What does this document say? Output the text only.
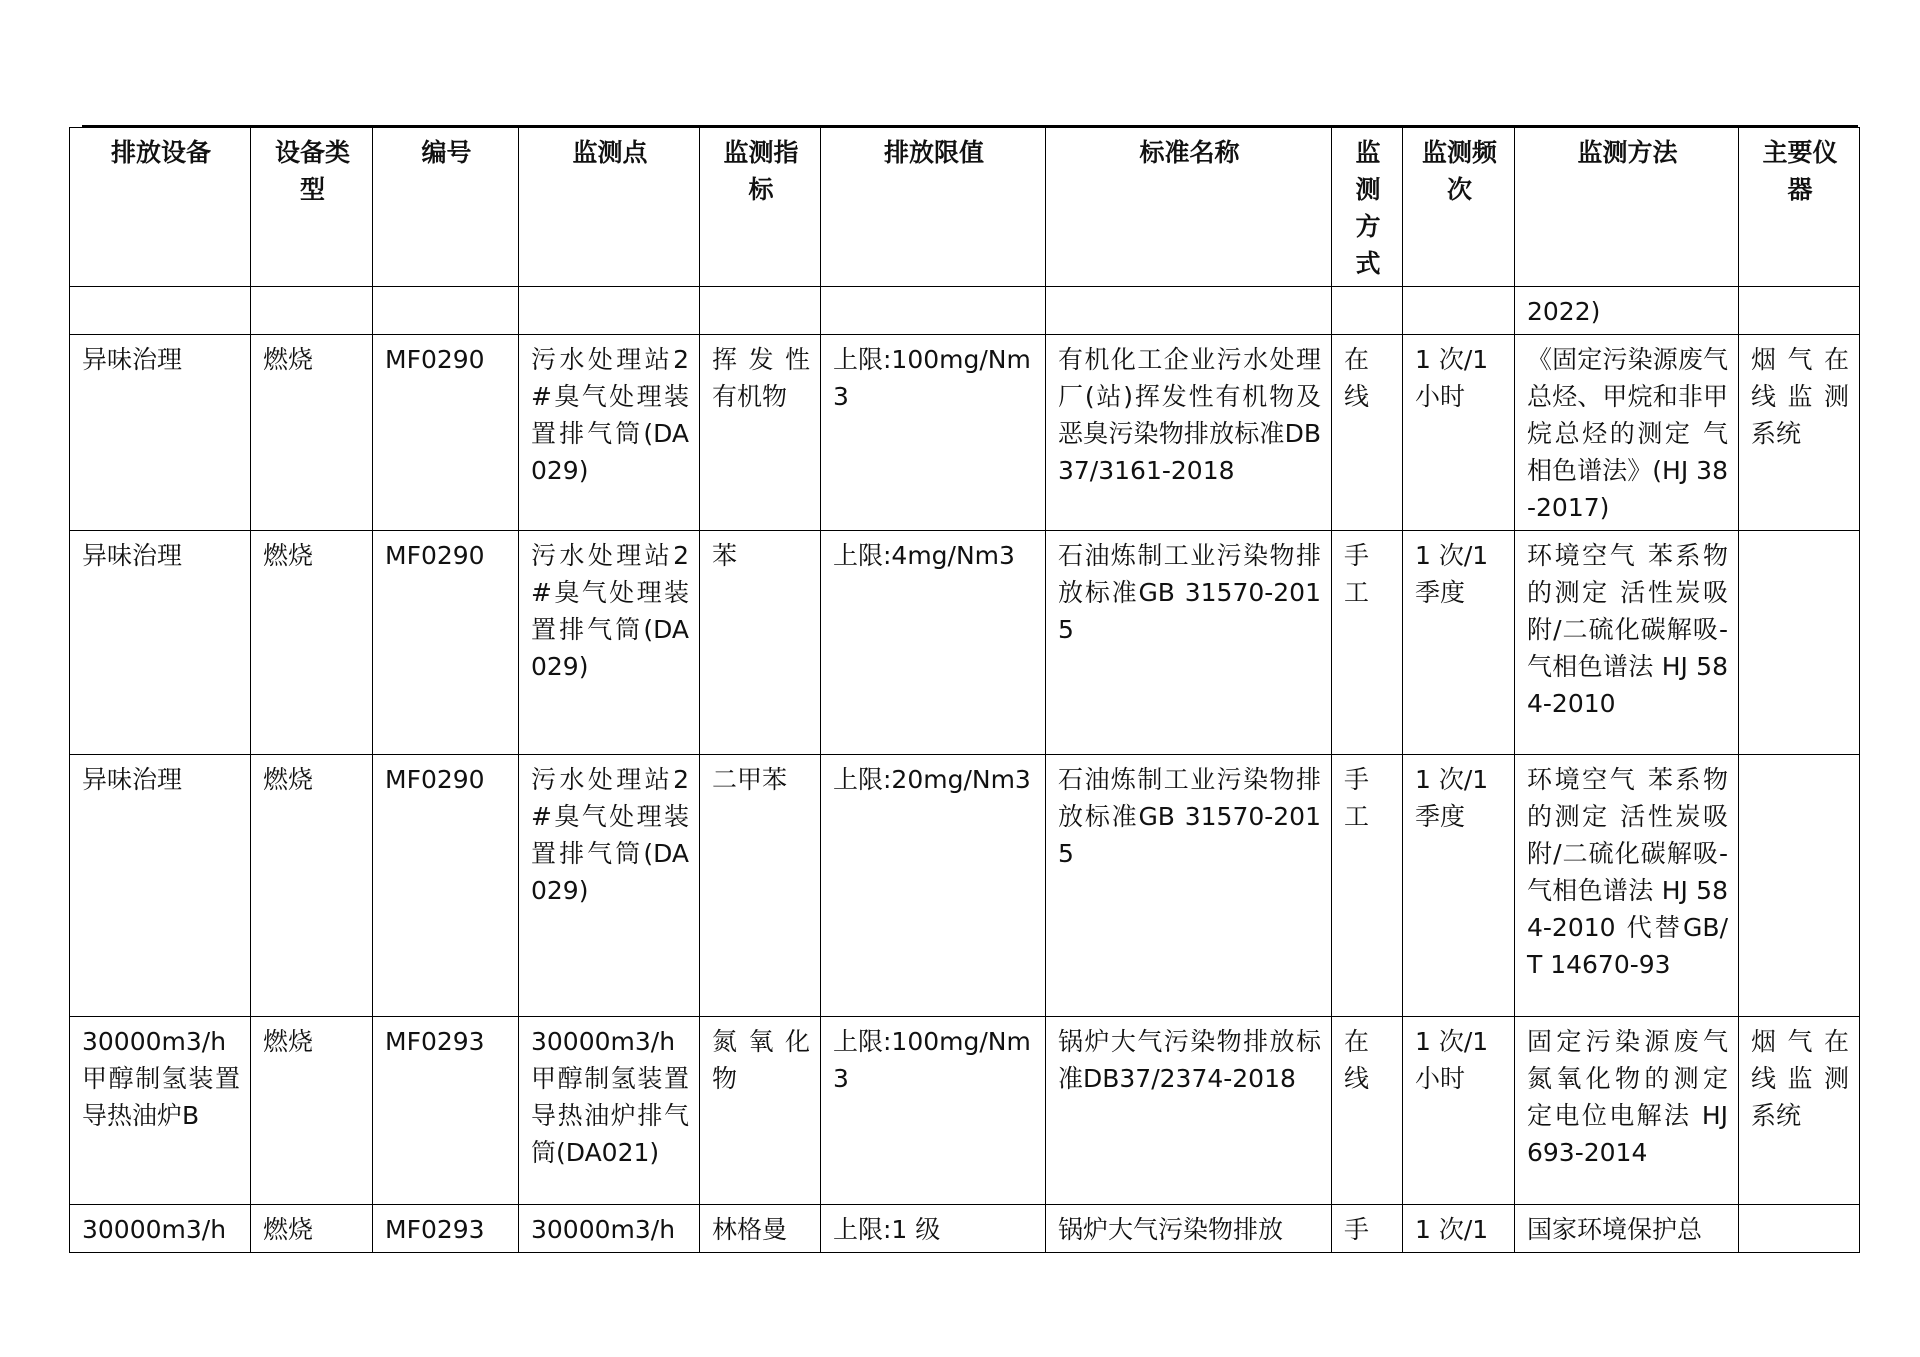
排放设备	设备类型	编号	监测点	监测指标	排放限值	标准名称	监测方式	监测频次	监测方法	主要仪器
									2022)	
异味治理	燃烧	MF0290	污水处理站2#臭气处理装置排气筒(DA029)	挥发性有机物	上限:100mg/Nm3	有机化工企业污水处理厂(站)挥发性有机物及恶臭污染物排放标准DB37/3161-2018	在线	1 次/1 小时	《固定污染源废气 总烃、甲烷和非甲烷总烃的测定 气相色谱法》(HJ 38-2017)	烟气在线监测系统
异味治理	燃烧	MF0290	污水处理站2#臭气处理装置排气筒(DA029)	苯	上限:4mg/Nm3	石油炼制工业污染物排放标准GB 31570-2015	手工	1 次/1 季度	环境空气 苯系物的测定 活性炭吸附/二硫化碳解吸-气相色谱法 HJ 584-2010	
异味治理	燃烧	MF0290	污水处理站2#臭气处理装置排气筒(DA029)	二甲苯	上限:20mg/Nm3	石油炼制工业污染物排放标准GB 31570-2015	手工	1 次/1 季度	环境空气 苯系物的测定 活性炭吸附/二硫化碳解吸-气相色谱法 HJ 584-2010 代替GB/T 14670-93	
30000m3/h 甲醇制氢装置导热油炉B	燃烧	MF0293	30000m3/h 甲醇制氢装置导热油炉排气筒(DA021)	氮氧化物	上限:100mg/Nm3	锅炉大气污染物排放标准DB37/2374-2018	在线	1 次/1 小时	固定污染源废气 氮氧化物的测定 定电位电解法 HJ 693-2014	烟气在线监测系统
30000m3/h	燃烧	MF0293	30000m3/h	林格曼	上限:1 级	锅炉大气污染物排放	手	1 次/1	国家环境保护总	
